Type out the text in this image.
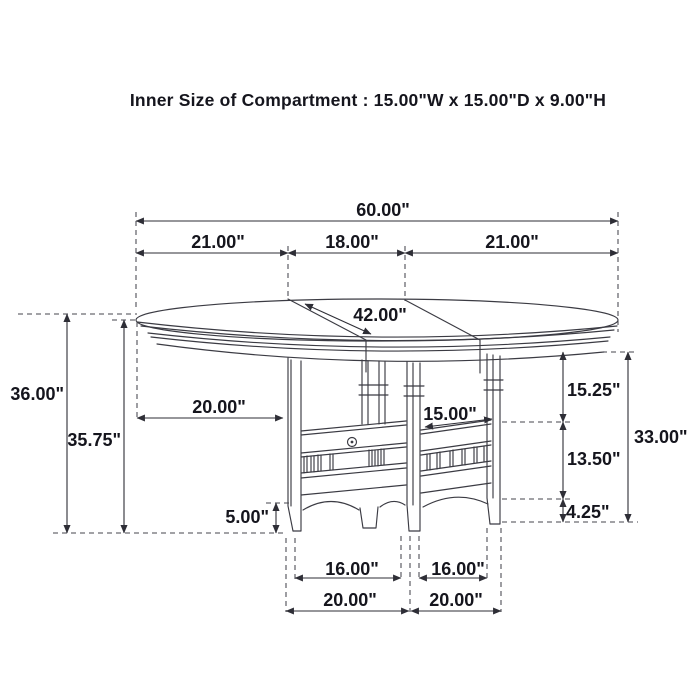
Inner Size of Compartment : 15.00"W x 15.00"D x 9.00"H
60.00"
21.00"	18.00"	21.00"
42.00"
36.00"
35.75"
20.00"
5.00"
15.00"
15.25"
13.50"
4.25"
33.00"
16.00"	16.00"
20.00"	20.00"
